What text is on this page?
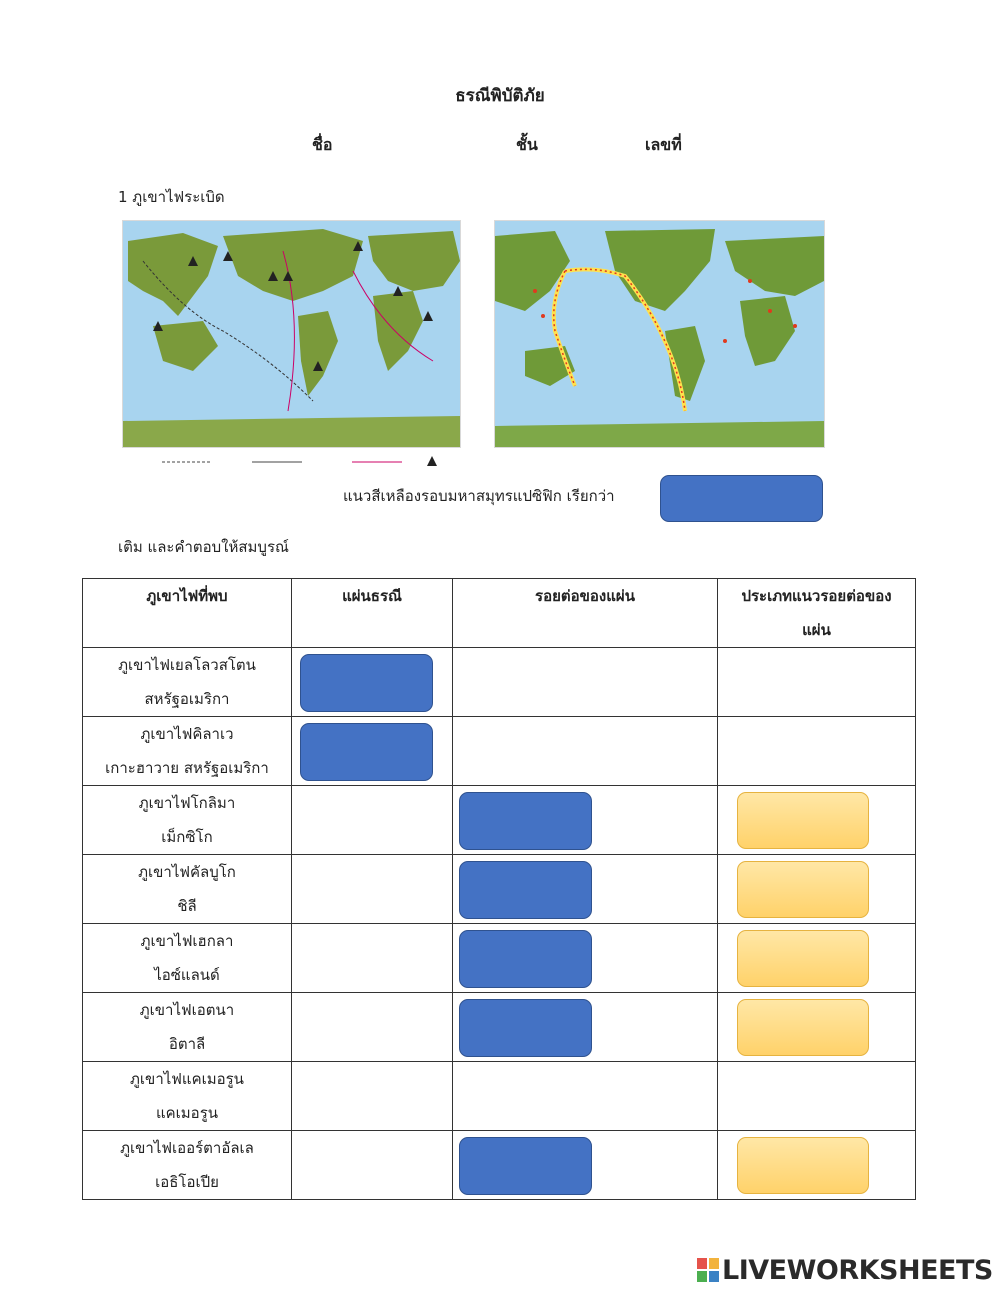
ธรณีพิบัติภัย
ชื่อ	ชั้น	เลขที่
1 ภูเขาไฟระเบิด
แนวสีเหลืองรอบมหาสมุทรแปซิฟิก เรียกว่า
เติม และคำตอบให้สมบูรณ์
ภูเขาไฟที่พบ	แผ่นธรณี	รอยต่อของแผ่น	ประเภทแนวรอยต่อของแผ่น

ภูเขาไฟเยลโลวสโตน
สหรัฐอเมริกา			

ภูเขาไฟคิลาเว
เกาะฮาวาย สหรัฐอเมริกา			

ภูเขาไฟโกลิมา
เม็กซิโก			

ภูเขาไฟคัลบูโก
ชิลี			

ภูเขาไฟเฮกลา
ไอซ์แลนด์			

ภูเขาไฟเอตนา
อิตาลี			

ภูเขาไฟแคเมอรูน
แคเมอรูน			

ภูเขาไฟเออร์ตาอัลเล
เอธิโอเปีย			

LIVEWORKSHEETS
